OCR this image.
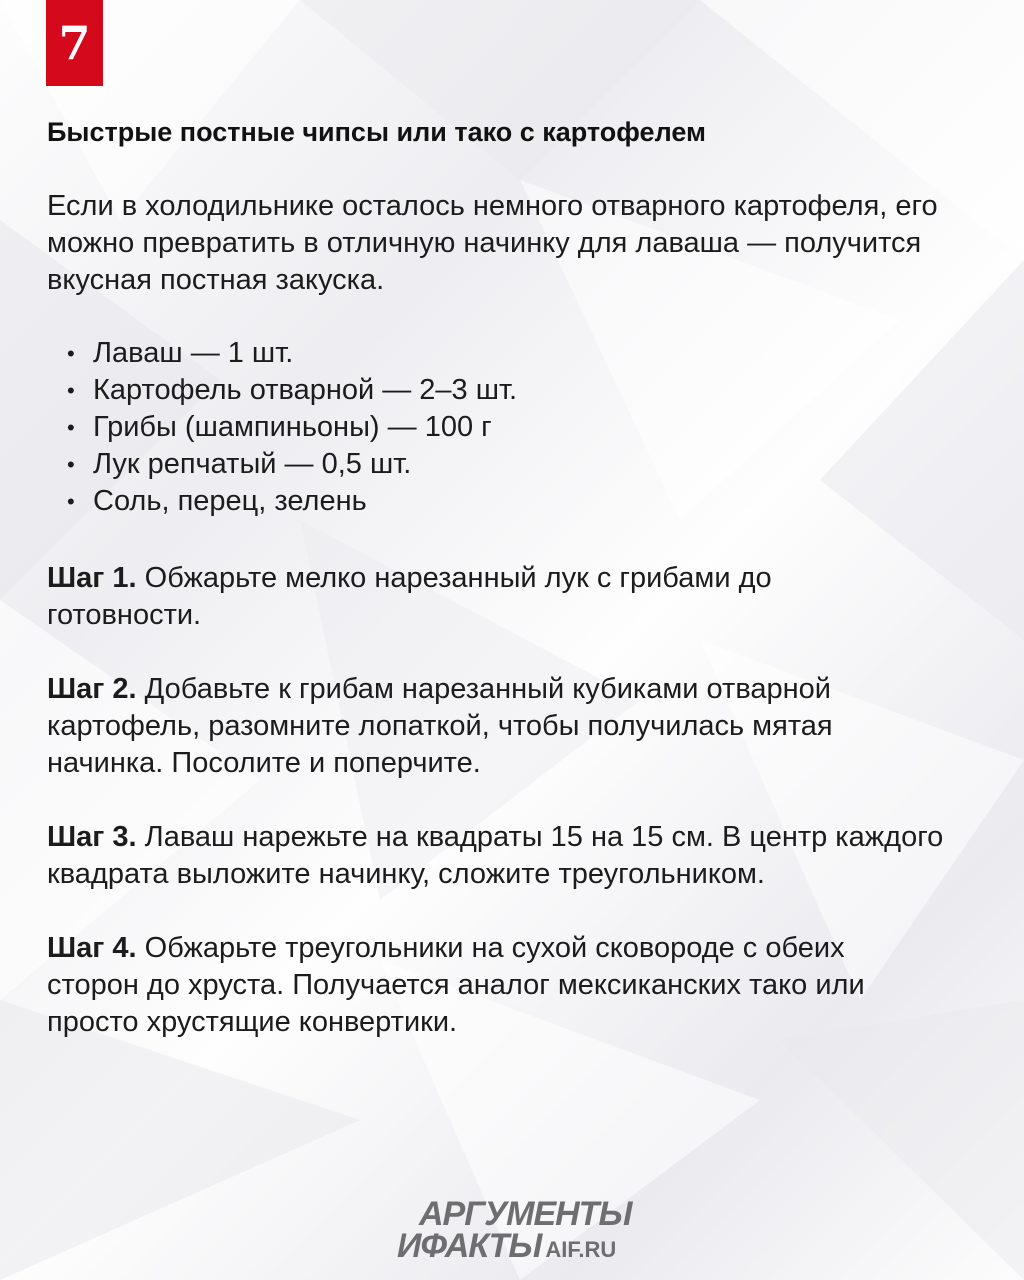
7
Быстрые постные чипсы или тако с картофелем

Если в холодильнике осталось немного отварного картофеля, его можно превратить в отличную начинку для лаваша — получится вкусная постная закуска.

• Лаваш — 1 шт.
• Картофель отварной — 2–3 шт.
• Грибы (шампиньоны) — 100 г
• Лук репчатый — 0,5 шт.
• Соль, перец, зелень

Шаг 1. Обжарьте мелко нарезанный лук с грибами до готовности.

Шаг 2. Добавьте к грибам нарезанный кубиками отварной картофель, разомните лопаткой, чтобы получилась мятая начинка. Посолите и поперчите.

Шаг 3. Лаваш нарежьте на квадраты 15 на 15 см. В центр каждого квадрата выложите начинку, сложите треугольником.

Шаг 4. Обжарьте треугольники на сухой сковороде с обеих сторон до хруста. Получается аналог мексиканских тако или просто хрустящие конвертики.

АРГУМЕНТЫ
ИФАКТЫ AIF.RU
